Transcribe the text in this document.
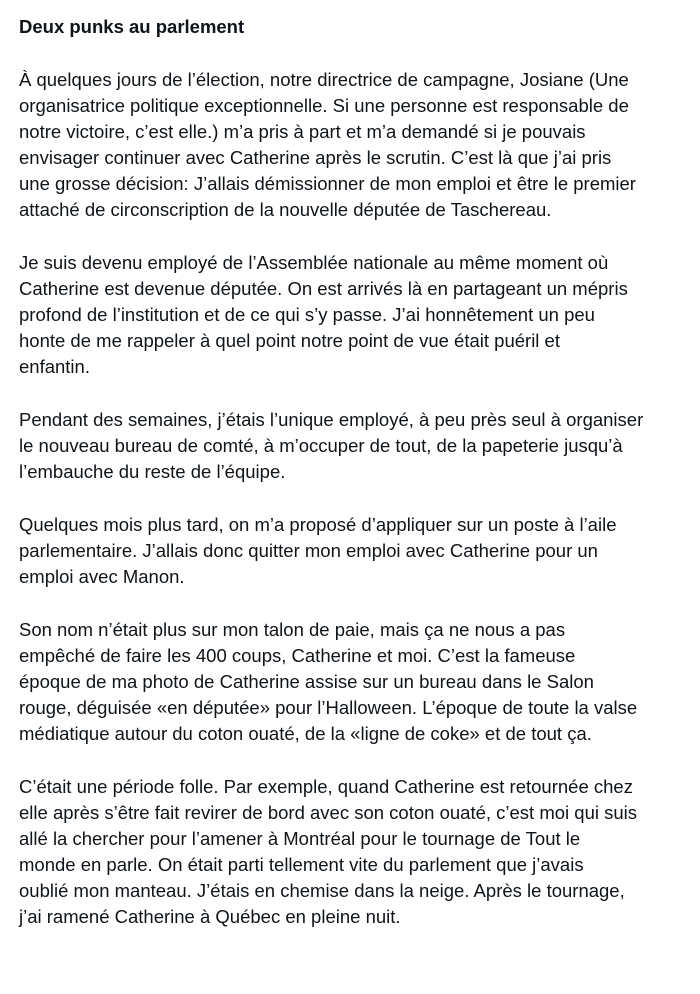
Deux punks au parlement
À quelques jours de l’élection, notre directrice de campagne, Josiane (Une
organisatrice politique exceptionnelle. Si une personne est responsable de
notre victoire, c’est elle.) m’a pris à part et m’a demandé si je pouvais
envisager continuer avec Catherine après le scrutin. C’est là que j’ai pris
une grosse décision: J’allais démissionner de mon emploi et être le premier
attaché de circonscription de la nouvelle députée de Taschereau.
Je suis devenu employé de l’Assemblée nationale au même moment où
Catherine est devenue députée. On est arrivés là en partageant un mépris
profond de l’institution et de ce qui s’y passe. J’ai honnêtement un peu
honte de me rappeler à quel point notre point de vue était puéril et
enfantin.
Pendant des semaines, j’étais l’unique employé, à peu près seul à organiser
le nouveau bureau de comté, à m’occuper de tout, de la papeterie jusqu’à
l’embauche du reste de l’équipe.
Quelques mois plus tard, on m’a proposé d’appliquer sur un poste à l’aile
parlementaire. J’allais donc quitter mon emploi avec Catherine pour un
emploi avec Manon.
Son nom n’était plus sur mon talon de paie, mais ça ne nous a pas
empêché de faire les 400 coups, Catherine et moi. C’est la fameuse
époque de ma photo de Catherine assise sur un bureau dans le Salon
rouge, déguisée «en députée» pour l’Halloween. L’époque de toute la valse
médiatique autour du coton ouaté, de la «ligne de coke» et de tout ça.
C’était une période folle. Par exemple, quand Catherine est retournée chez
elle après s’être fait revirer de bord avec son coton ouaté, c’est moi qui suis
allé la chercher pour l’amener à Montréal pour le tournage de Tout le
monde en parle. On était parti tellement vite du parlement que j’avais
oublié mon manteau. J’étais en chemise dans la neige. Après le tournage,
j’ai ramené Catherine à Québec en pleine nuit.
